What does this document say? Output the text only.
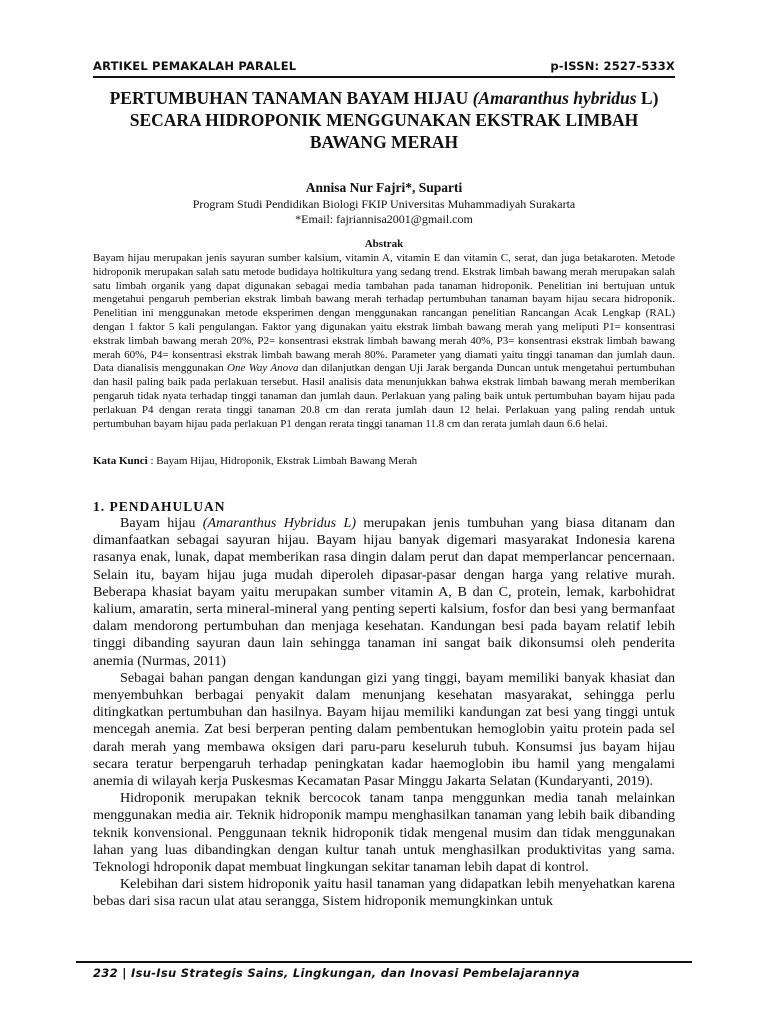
ARTIKEL PEMAKALAH PARALEL	p-ISSN: 2527-533X
PERTUMBUHAN TANAMAN BAYAM HIJAU (Amaranthus hybridus L) SECARA HIDROPONIK MENGGUNAKAN EKSTRAK LIMBAH BAWANG MERAH
Annisa Nur Fajri*, Suparti
Program Studi Pendidikan Biologi FKIP Universitas Muhammadiyah Surakarta
*Email: fajriannisa2001@gmail.com
Abstrak
Bayam hijau merupakan jenis sayuran sumber kalsium, vitamin A, vitamin E dan vitamin C, serat, dan juga betakaroten. Metode hidroponik merupakan salah satu metode budidaya holtikultura yang sedang trend. Ekstrak limbah bawang merah merupakan salah satu limbah organik yang dapat digunakan sebagai media tambahan pada tanaman hidroponik. Penelitian ini bertujuan untuk mengetahui pengaruh pemberian ekstrak limbah bawang merah terhadap pertumbuhan tanaman bayam hijau secara hidroponik. Penelitian ini menggunakan metode eksperimen dengan menggunakan rancangan penelitian Rancangan Acak Lengkap (RAL) dengan 1 faktor 5 kali pengulangan. Faktor yang digunakan yaitu ekstrak limbah bawang merah yang meliputi P1= konsentrasi ekstrak limbah bawang merah 20%, P2= konsentrasi ekstrak limbah bawang merah 40%, P3= konsentrasi ekstrak limbah bawang merah 60%, P4= konsentrasi ekstrak limbah bawang merah 80%. Parameter yang diamati yaitu tinggi tanaman dan jumlah daun. Data dianalisis menggunakan One Way Anova dan dilanjutkan dengan Uji Jarak berganda Duncan untuk mengetahui pertumbuhan dan hasil paling baik pada perlakuan tersebut. Hasil analisis data menunjukkan bahwa ekstrak limbah bawang merah memberikan pengaruh tidak nyata terhadap tinggi tanaman dan jumlah daun. Perlakuan yang paling baik untuk pertumbuhan bayam hijau pada perlakuan P4 dengan rerata tinggi tanaman 20.8 cm dan rerata jumlah daun 12 helai. Perlakuan yang paling rendah untuk pertumbuhan bayam hijau pada perlakuan P1 dengan rerata tinggi tanaman 11.8 cm dan rerata jumlah daun 6.6 helai.
Kata Kunci : Bayam Hijau, Hidroponik, Ekstrak Limbah Bawang Merah
1. PENDAHULUAN

Bayam hijau (Amaranthus Hybridus L) merupakan jenis tumbuhan yang biasa ditanam dan dimanfaatkan sebagai sayuran hijau. Bayam hijau banyak digemari masyarakat Indonesia karena rasanya enak, lunak, dapat memberikan rasa dingin dalam perut dan dapat memperlancar pencernaan. Selain itu, bayam hijau juga mudah diperoleh dipasar-pasar dengan harga yang relative murah. Beberapa khasiat bayam yaitu merupakan sumber vitamin A, B dan C, protein, lemak, karbohidrat kalium, amaratin, serta mineral-mineral yang penting seperti kalsium, fosfor dan besi yang bermanfaat dalam mendorong pertumbuhan dan menjaga kesehatan. Kandungan besi pada bayam relatif lebih tinggi dibanding sayuran daun lain sehingga tanaman ini sangat baik dikonsumsi oleh penderita anemia (Nurmas, 2011)

Sebagai bahan pangan dengan kandungan gizi yang tinggi, bayam memiliki banyak khasiat dan menyembuhkan berbagai penyakit dalam menunjang kesehatan masyarakat, sehingga perlu ditingkatkan pertumbuhan dan hasilnya. Bayam hijau memiliki kandungan zat besi yang tinggi untuk mencegah anemia. Zat besi berperan penting dalam pembentukan hemoglobin yaitu protein pada sel darah merah yang membawa oksigen dari paru-paru keseluruh tubuh. Konsumsi jus bayam hijau secara teratur berpengaruh terhadap peningkatan kadar haemoglobin ibu hamil yang mengalami anemia di wilayah kerja Puskesmas Kecamatan Pasar Minggu Jakarta Selatan (Kundaryanti, 2019).

Hidroponik merupakan teknik bercocok tanam tanpa menggunkan media tanah melainkan menggunakan media air. Teknik hidroponik mampu menghasilkan tanaman yang lebih baik dibanding teknik konvensional. Penggunaan teknik hidroponik tidak mengenal musim dan tidak menggunakan lahan yang luas dibandingkan dengan kultur tanah untuk menghasilkan produktivitas yang sama. Teknologi hdroponik dapat membuat lingkungan sekitar tanaman lebih dapat di kontrol.

Kelebihan dari sistem hidroponik yaitu hasil tanaman yang didapatkan lebih menyehatkan karena bebas dari sisa racun ulat atau serangga, Sistem hidroponik memungkinkan untuk

232 | Isu-Isu Strategis Sains, Lingkungan, dan Inovasi Pembelajarannya
